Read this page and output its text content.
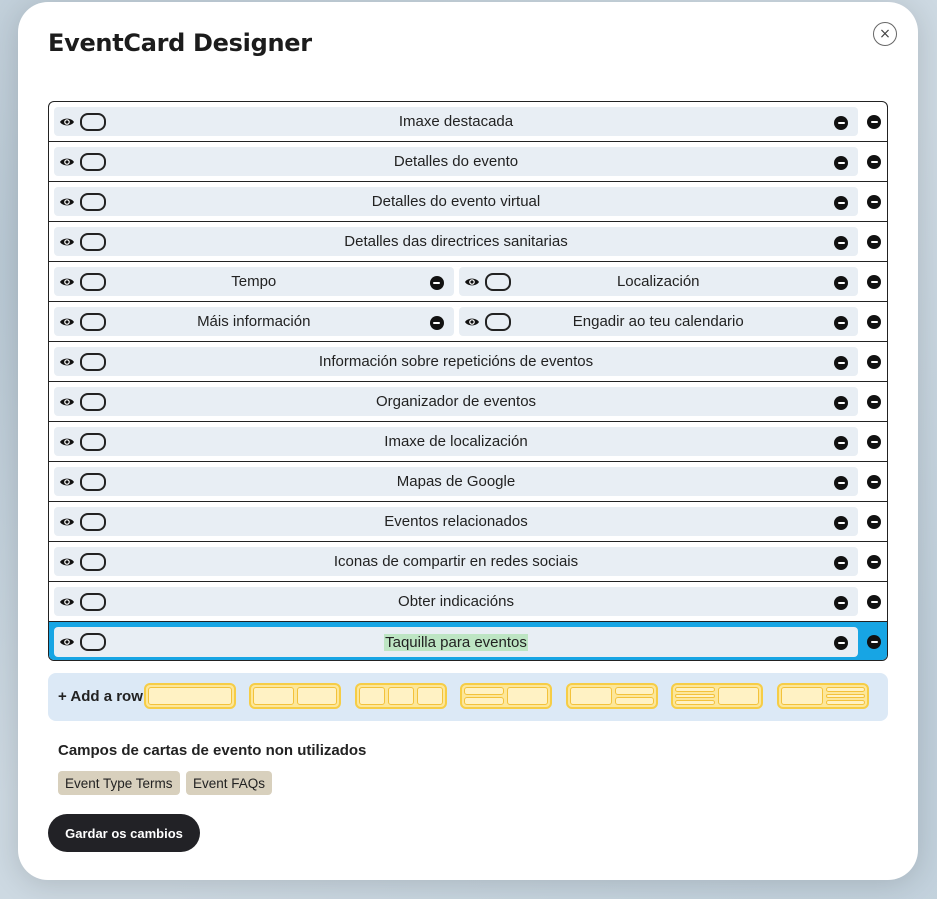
EventCard Designer	×
Imaxe destacada
Detalles do evento
Detalles do evento virtual
Detalles das directrices sanitarias
Tempo	Localización
Máis información	Engadir ao teu calendario
Información sobre repeticións de eventos
Organizador de eventos
Imaxe de localización
Mapas de Google
Eventos relacionados
Iconas de compartir en redes sociais
Obter indicacións
Taquilla para eventos
+ Add a row
Campos de cartas de evento non utilizados
Event Type Terms	Event FAQs
Gardar os cambios
